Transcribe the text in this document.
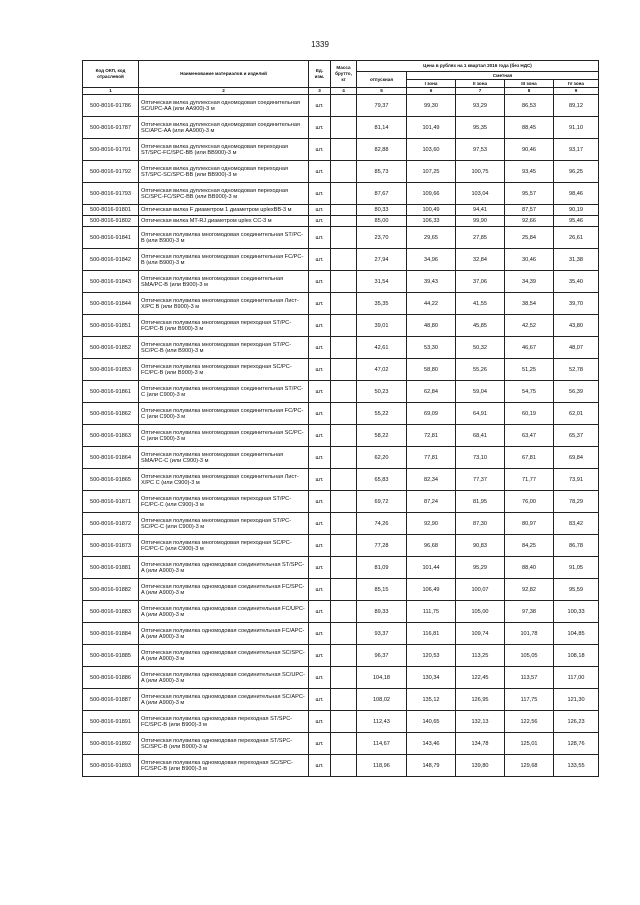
1339
Код ОКП, код отраслевой	Наименование материалов и изделий	Ед. изм.	Масса брутто, кг	Цена в рублях на 1 квартал 2016 года (без НДС)				
				отпускная	Сметная			
					I зона	II зона	III зона	IV зона

1	2	3	4	5	6	7	8	9
500-8016-91786	Оптическая вилка дуплексная одномодовая соединительная SC/UPC-AA (или AA900)-3 м	шт.		79,37	99,30	93,29	86,53	89,12
500-8016-91787	Оптическая вилка дуплексная одномодовая соединительная SC/APC-AA (или AA900)-3 м	шт.		81,14	101,49	95,35	88,45	91,10
500-8016-91791	Оптическая вилка дуплексная одномодовая переходная ST/SPC-FC/SPC-BB (или BB900)-3 м	шт.		82,88	103,60	97,53	90,46	93,17
500-8016-91792	Оптическая вилка дуплексная одномодовая переходная ST/SPC-SC/SPC-BB (или BB900)-3 м	шт.		85,73	107,25	100,75	93,45	96,25
500-8016-91793	Оптическая вилка дуплексная одномодовая переходная SC/SPC-FC/SPC-BB (или BB900)-3 м	шт.		87,67	109,66	103,04	95,57	98,46
500-8016-91801	Оптическая вилка F диаметром 1 диаметром uplexBB-3 м	шт.		80,33	100,49	94,41	87,57	90,19
500-8016-91802	Оптическая вилка MT-RJ диаметром uplex CC-3 м	шт.		85,00	106,33	99,90	92,66	95,46
500-8016-91841	Оптическая полувилка многомодовая соединительная ST/PC-B (или B900)-3 м	шт.		23,70	29,65	27,85	25,84	26,61
500-8016-91842	Оптическая полувилка многомодовая соединительная FC/PC-B (или B900)-3 м	шт.		27,94	34,96	32,84	30,46	31,38
500-8016-91843	Оптическая полувилка многомодовая соединительная SMA/PC-B (или B900)-3 м	шт.		31,54	39,43	37,06	34,39	35,40
500-8016-91844	Оптическая полувилка многомодовая соединительная Лист-X/PC B (или B900)-3 м	шт.		35,35	44,22	41,55	38,54	39,70
500-8016-91851	Оптическая полувилка многомодовая переходная ST/PC-FC/PC-B (или B900)-3 м	шт.		39,01	48,80	45,85	42,52	43,80
500-8016-91852	Оптическая полувилка многомодовая переходная ST/PC-SC/PC-B (или B900)-3 м	шт.		42,61	53,30	50,32	46,67	48,07
500-8016-91853	Оптическая полувилка многомодовая переходная SC/PC-FC/PC-B (или B900)-3 м	шт.		47,02	58,80	55,26	51,25	52,78
500-8016-91861	Оптическая полувилка многомодовая соединительная ST/PC-C (или C900)-3 м	шт.		50,23	62,84	59,04	54,75	56,39
500-8016-91862	Оптическая полувилка многомодовая соединительная FC/PC-C (или C900)-3 м	шт.		55,22	69,09	64,91	60,19	62,01
500-8016-91863	Оптическая полувилка многомодовая соединительная SC/PC-C (или C900)-3 м	шт.		58,22	72,81	68,41	63,47	65,37
500-8016-91864	Оптическая полувилка многомодовая соединительная SMA/PC-C (или C900)-3 м	шт.		62,20	77,81	73,10	67,81	69,84
500-8016-91865	Оптическая полувилка многомодовая соединительная Лист-X/PC C (или C900)-3 м	шт.		65,83	82,34	77,37	71,77	73,91
500-8016-91871	Оптическая полувилка многомодовая переходная ST/PC-FC/PC-C (или C900)-3 м	шт.		69,72	87,24	81,95	76,00	78,29
500-8016-91872	Оптическая полувилка многомодовая переходная ST/PC-SC/PC-C (или C900)-3 м	шт.		74,26	92,90	87,30	80,97	83,42
500-8016-91873	Оптическая полувилка многомодовая переходная SC/PC-FC/PC-C (или C900)-3 м	шт.		77,28	96,68	90,83	84,25	86,78
500-8016-91881	Оптическая полувилка одномодовая соединительная ST/SPC-A (или A900)-3 м	шт.		81,09	101,44	95,29	88,40	91,05
500-8016-91882	Оптическая полувилка одномодовая соединительная FC/SPC-A (или A900)-3 м	шт.		85,15	106,49	100,07	92,82	95,59
500-8016-91883	Оптическая полувилка одномодовая соединительная FC/UPC-A (или A900)-3 м	шт.		89,33	111,75	105,00	97,38	100,33
500-8016-91884	Оптическая полувилка одномодовая соединительная FC/APC-A (или A900)-3 м	шт.		93,37	116,81	109,74	101,78	104,85
500-8016-91885	Оптическая полувилка одномодовая соединительная SC/SPC-A (или A900)-3 м	шт.		96,37	120,53	113,25	105,05	108,18
500-8016-91886	Оптическая полувилка одномодовая соединительная SC/UPC-A (или A900)-3 м	шт.		104,18	130,34	122,45	113,57	117,00
500-8016-91887	Оптическая полувилка одномодовая соединительная SC/APC-A (или A900)-3 м	шт.		108,02	135,12	126,95	117,75	121,30
500-8016-91891	Оптическая полувилка одномодовая переходная ST/SPC-FC/SPC-B (или B900)-3 м	шт.		112,43	140,65	132,13	122,56	126,23
500-8016-91892	Оптическая полувилка одномодовая переходная ST/SPC-SC/SPC-B (или B900)-3 м	шт.		114,67	143,46	134,78	125,01	128,76
500-8016-91893	Оптическая полувилка одномодовая переходная SC/SPC-FC/SPC-B (или B900)-3 м	шт.		118,96	148,79	139,80	129,68	133,55
